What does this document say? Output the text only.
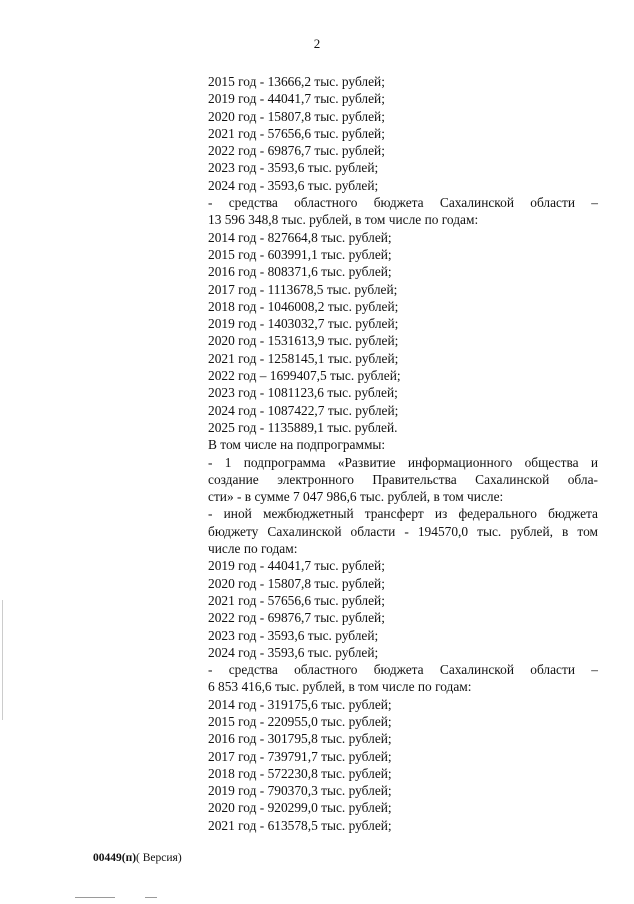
2
2015 год - 13666,2 тыс. рублей;
2019 год - 44041,7 тыс. рублей;
2020 год - 15807,8 тыс. рублей;
2021 год - 57656,6 тыс. рублей;
2022 год - 69876,7 тыс. рублей;
2023 год - 3593,6 тыс. рублей;
2024 год - 3593,6 тыс. рублей;
- средства областного бюджета Сахалинской области –
13 596 348,8 тыс. рублей, в том числе по годам:
2014 год - 827664,8 тыс. рублей;
2015 год - 603991,1 тыс. рублей;
2016 год - 808371,6 тыс. рублей;
2017 год - 1113678,5 тыс. рублей;
2018 год - 1046008,2 тыс. рублей;
2019 год - 1403032,7 тыс. рублей;
2020 год - 1531613,9 тыс. рублей;
2021 год - 1258145,1 тыс. рублей;
2022 год – 1699407,5 тыс. рублей;
2023 год - 1081123,6 тыс. рублей;
2024 год - 1087422,7 тыс. рублей;
2025 год - 1135889,1 тыс. рублей.
В том числе на подпрограммы:
- 1 подпрограмма «Развитие информационного общества и
создание электронного Правительства Сахалинской обла-
сти» - в сумме 7 047 986,6 тыс. рублей, в том числе:
- иной межбюджетный трансферт из федерального бюджета
бюджету Сахалинской области - 194570,0 тыс. рублей, в том
числе по годам:
2019 год - 44041,7 тыс. рублей;
2020 год - 15807,8 тыс. рублей;
2021 год - 57656,6 тыс. рублей;
2022 год - 69876,7 тыс. рублей;
2023 год - 3593,6 тыс. рублей;
2024 год - 3593,6 тыс. рублей;
- средства областного бюджета Сахалинской области –
6 853 416,6 тыс. рублей, в том числе по годам:
2014 год - 319175,6 тыс. рублей;
2015 год - 220955,0 тыс. рублей;
2016 год - 301795,8 тыс. рублей;
2017 год - 739791,7 тыс. рублей;
2018 год - 572230,8 тыс. рублей;
2019 год - 790370,3 тыс. рублей;
2020 год - 920299,0 тыс. рублей;
2021 год - 613578,5 тыс. рублей;
00449(п)( Версия)
